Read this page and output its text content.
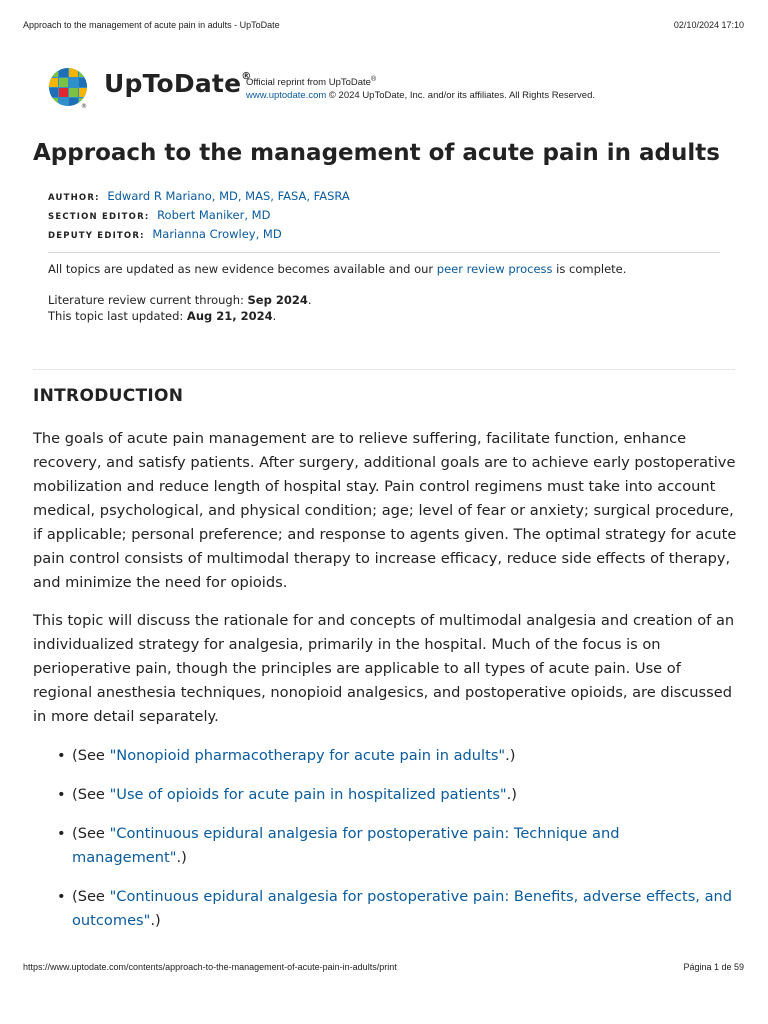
Approach to the management of acute pain in adults - UpToDate	02/10/2024 17:10
®
UpToDate®
Official reprint from UpToDate®
www.uptodate.com © 2024 UpToDate, Inc. and/or its affiliates. All Rights Reserved.
Approach to the management of acute pain in adults
AUTHOR: Edward R Mariano, MD, MAS, FASA, FASRA
SECTION EDITOR: Robert Maniker, MD
DEPUTY EDITOR: Marianna Crowley, MD
All topics are updated as new evidence becomes available and our peer review process is complete.
Literature review current through: Sep 2024.
This topic last updated: Aug 21, 2024.
INTRODUCTION

The goals of acute pain management are to relieve suffering, facilitate function, enhance recovery, and satisfy patients. After surgery, additional goals are to achieve early postoperative mobilization and reduce length of hospital stay. Pain control regimens must take into account medical, psychological, and physical condition; age; level of fear or anxiety; surgical procedure, if applicable; personal preference; and response to agents given. The optimal strategy for acute pain control consists of multimodal therapy to increase efficacy, reduce side effects of therapy, and minimize the need for opioids.

This topic will discuss the rationale for and concepts of multimodal analgesia and creation of an individualized strategy for analgesia, primarily in the hospital. Much of the focus is on perioperative pain, though the principles are applicable to all types of acute pain. Use of regional anesthesia techniques, nonopioid analgesics, and postoperative opioids, are discussed in more detail separately.

• (See "Nonopioid pharmacotherapy for acute pain in adults".)
• (See "Use of opioids for acute pain in hospitalized patients".)
• (See "Continuous epidural analgesia for postoperative pain: Technique and management".)
• (See "Continuous epidural analgesia for postoperative pain: Benefits, adverse effects, and outcomes".)
https://www.uptodate.com/contents/approach-to-the-management-of-acute-pain-in-adults/print	Página 1 de 59
